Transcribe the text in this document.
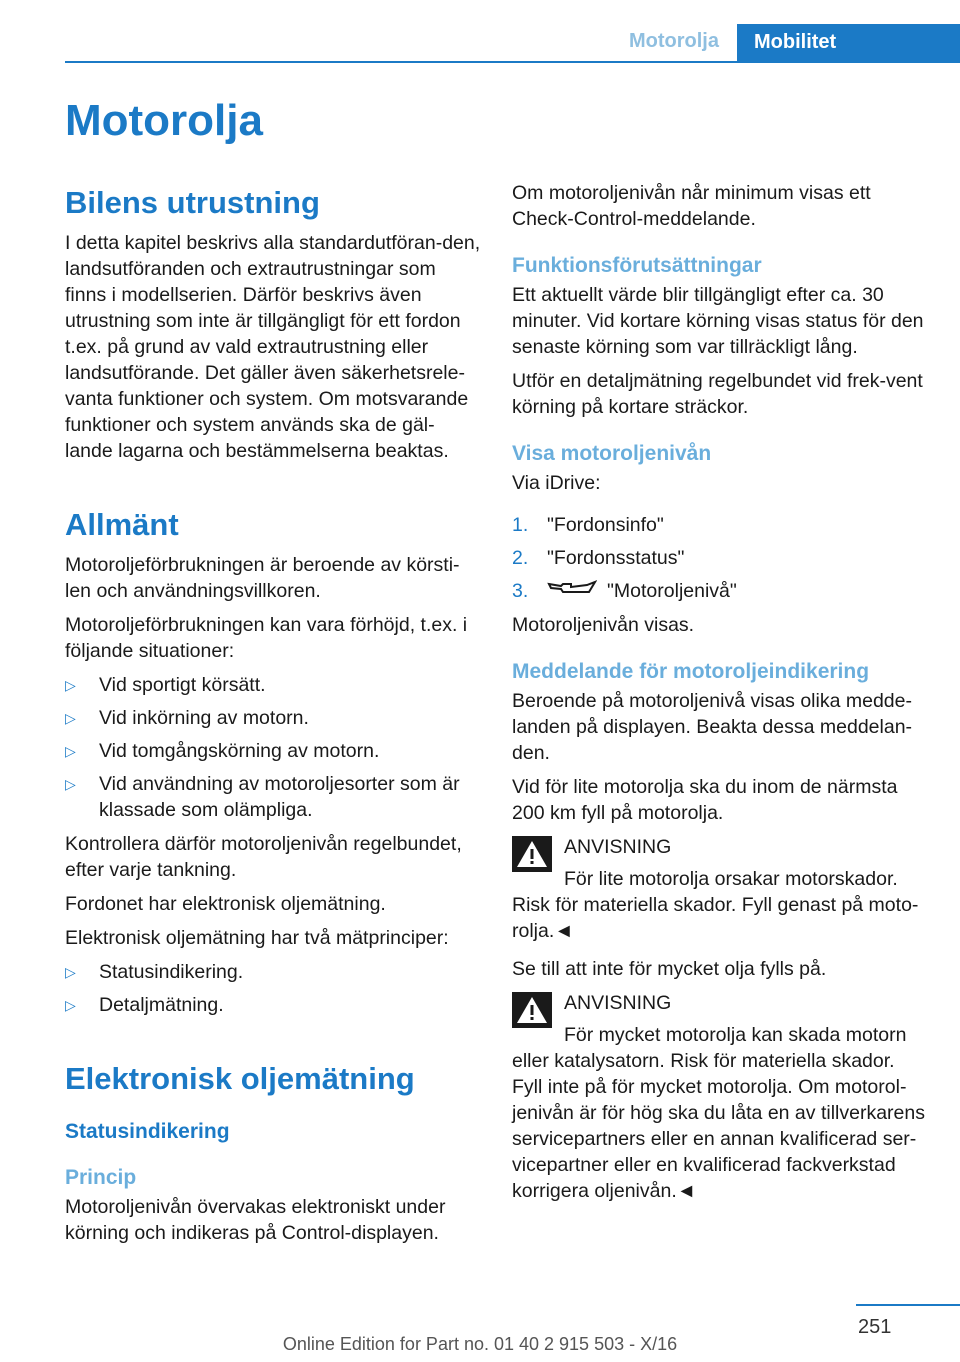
Motorolja	Mobilitet
Motorolja
Bilens utrustning

I detta kapitel beskrivs alla standardutföran-den, landsutföranden och extrautrustningar som finns i modellserien. Därför beskrivs även utrustning som inte är tillgängligt för ett fordon t.ex. på grund av vald extrautrustning eller landsutförande. Det gäller även säkerhetsrele-vanta funktioner och system. Om motsvarande funktioner och system används ska de gäl-lande lagarna och bestämmelserna beaktas.

Allmänt

Motoroljeförbrukningen är beroende av körsti-len och användningsvillkoren.

Motoroljeförbrukningen kan vara förhöjd, t.ex. i följande situationer:

▷ Vid sportigt körsätt.
▷ Vid inkörning av motorn.
▷ Vid tomgångskörning av motorn.
▷ Vid användning av motoroljesorter som är klassade som olämpliga.

Kontrollera därför motoroljenivån regelbundet, efter varje tankning.

Fordonet har elektronisk oljemätning.

Elektronisk oljemätning har två mätprinciper:

▷ Statusindikering.
▷ Detaljmätning.
Elektronisk oljemätning
Statusindikering
Princip

Motoroljenivån övervakas elektroniskt under körning och indikeras på Control-displayen.

Om motoroljenivån når minimum visas ett Check-Control-meddelande.

Funktionsförutsättningar

Ett aktuellt värde blir tillgängligt efter ca. 30 minuter. Vid kortare körning visas status för den senaste körning som var tillräckligt lång.

Utför en detaljmätning regelbundet vid frek-vent körning på kortare sträckor.

Visa motoroljenivån

Via iDrive:

1. "Fordonsinfo"
2. "Fordonsstatus"
3.	"Motoroljenivå"

Motoroljenivån visas.

Meddelande för motoroljeindikering

Beroende på motoroljenivå visas olika medde-landen på displayen. Beakta dessa meddelan-den.

Vid för lite motorolja ska du inom de närmsta 200 km fyll på motorolja.

ANVISNING

För lite motorolja orsakar motorskador.

Risk för materiella skador. Fyll genast på moto-rolja.◄

Se till att inte för mycket olja fylls på.

ANVISNING

För mycket motorolja kan skada motorn

eller katalysatorn. Risk för materiella skador. Fyll inte på för mycket motorolja. Om motorol-jenivån är för hög ska du låta en av tillverkarens servicepartners eller en annan kvalificerad ser-vicepartner eller en kvalificerad fackverkstad korrigera oljenivån.◄

251
Online Edition for Part no. 01 40 2 915 503 - X/16
